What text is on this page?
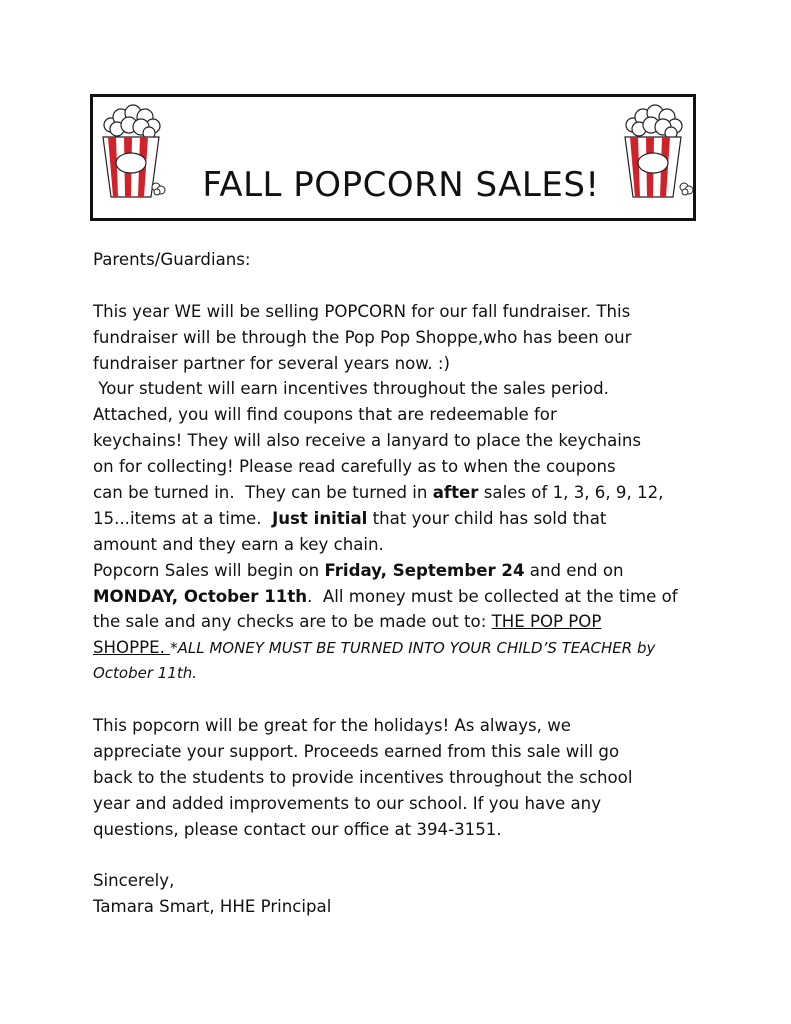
FALL POPCORN SALES!
Parents/Guardians:
This year WE will be selling POPCORN for our fall fundraiser. This
fundraiser will be through the Pop Pop Shoppe,who has been our
fundraiser partner for several years now. :)
Your student will earn incentives throughout the sales period.
Attached, you will find coupons that are redeemable for
keychains! They will also receive a lanyard to place the keychains
on for collecting! Please read carefully as to when the coupons
can be turned in.  They can be turned in after sales of 1, 3, 6, 9, 12,
15...items at a time.  Just initial that your child has sold that
amount and they earn a key chain.
Popcorn Sales will begin on Friday, September 24 and end on
MONDAY, October 11th.  All money must be collected at the time of
the sale and any checks are to be made out to: THE POP POP
SHOPPE. *ALL MONEY MUST BE TURNED INTO YOUR CHILD’S TEACHER by
October 11th.
This popcorn will be great for the holidays! As always, we
appreciate your support. Proceeds earned from this sale will go
back to the students to provide incentives throughout the school
year and added improvements to our school. If you have any
questions, please contact our office at 394-3151.
Sincerely,
Tamara Smart, HHE Principal
